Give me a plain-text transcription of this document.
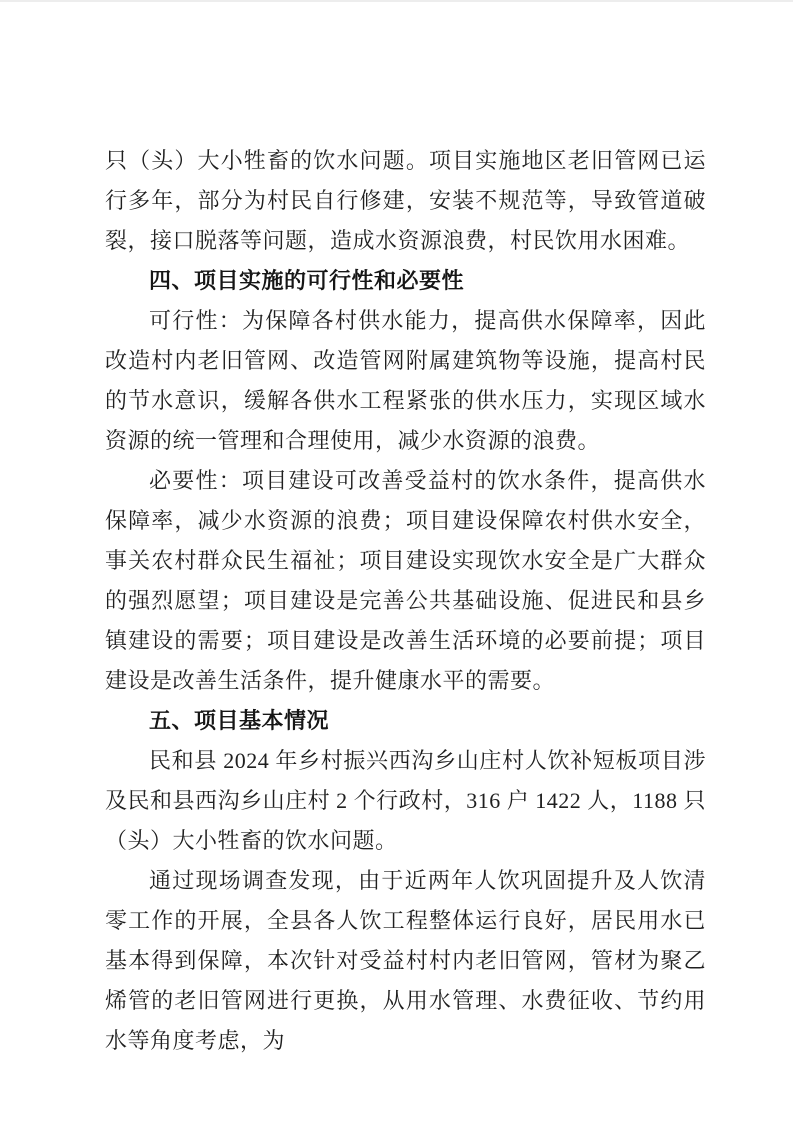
只（头）大小牲畜的饮水问题。项目实施地区老旧管网已运行多年，部分为村民自行修建，安装不规范等，导致管道破裂，接口脱落等问题，造成水资源浪费，村民饮用水困难。

四、项目实施的可行性和必要性

可行性：为保障各村供水能力，提高供水保障率，因此改造村内老旧管网、改造管网附属建筑物等设施，提高村民的节水意识，缓解各供水工程紧张的供水压力，实现区域水资源的统一管理和合理使用，减少水资源的浪费。

必要性：项目建设可改善受益村的饮水条件，提高供水保障率，减少水资源的浪费；项目建设保障农村供水安全，事关农村群众民生福祉；项目建设实现饮水安全是广大群众的强烈愿望；项目建设是完善公共基础设施、促进民和县乡镇建设的需要；项目建设是改善生活环境的必要前提；项目建设是改善生活条件，提升健康水平的需要。

五、项目基本情况

民和县 2024 年乡村振兴西沟乡山庄村人饮补短板项目涉及民和县西沟乡山庄村 2 个行政村，316 户 1422 人，1188 只（头）大小牲畜的饮水问题。

通过现场调查发现，由于近两年人饮巩固提升及人饮清零工作的开展，全县各人饮工程整体运行良好，居民用水已基本得到保障，本次针对受益村村内老旧管网，管材为聚乙烯管的老旧管网进行更换，从用水管理、水费征收、节约用水等角度考虑，为
